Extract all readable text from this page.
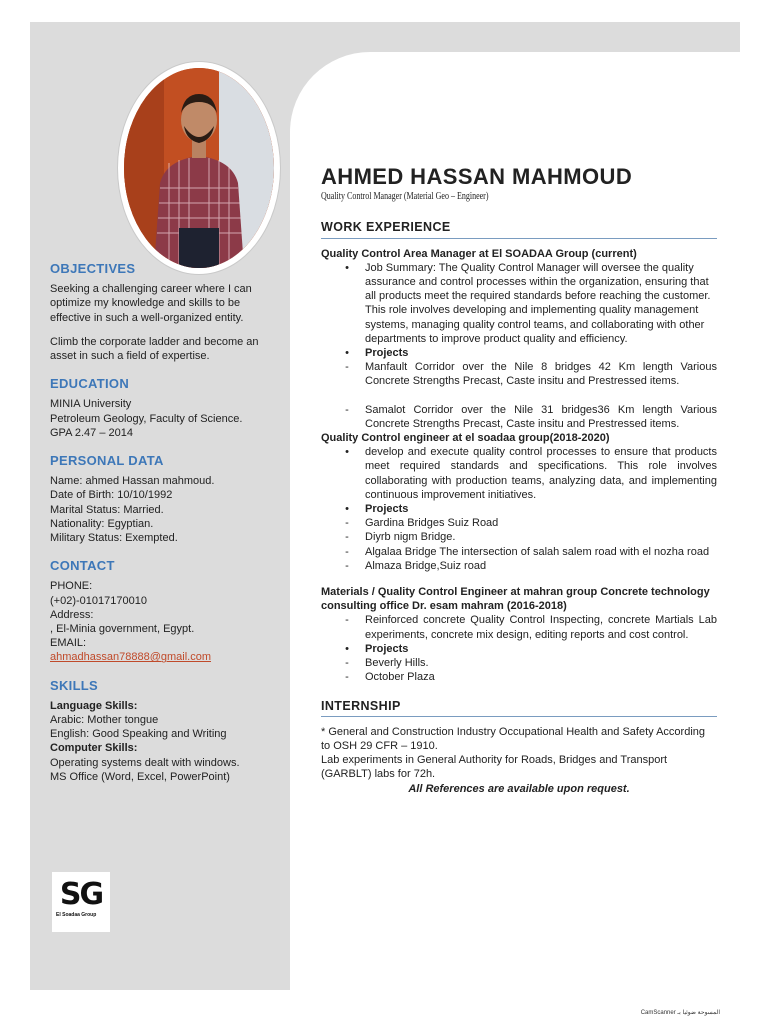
OBJECTIVES

Seeking a challenging career where I can optimize my knowledge and skills to be effective in such a well-organized entity.

Climb the corporate ladder and become an asset in such a field of expertise.

EDUCATION
MINIA University
Petroleum Geology, Faculty of Science.
GPA 2.47 – 2014
PERSONAL DATA
Name: ahmed Hassan mahmoud.
Date of Birth: 10/10/1992
Marital Status: Married.
Nationality: Egyptian.
Military Status: Exempted.
CONTACT
PHONE:
(+02)-01017170010
Address:
, El-Minia government, Egypt.
EMAIL:
ahmadhassan78888@gmail.com
SKILLS
Language Skills:
Arabic: Mother tongue
English: Good Speaking and Writing
Computer Skills:
Operating systems dealt with windows.
MS Office (Word, Excel, PowerPoint)
SG
El Soadaa Group
AHMED HASSAN MAHMOUD
Quality Control Manager (Material Geo – Engineer)
WORK EXPERIENCE

Quality Control Area Manager at El SOADAA Group (current)

•	Job Summary: The Quality Control Manager will oversee the quality assurance and control processes within the organization, ensuring that all products meet the required standards before reaching the customer. This role involves developing and implementing quality management systems, managing quality control teams, and collaborating with other departments to improve product quality and efficiency.
•	Projects
-	Manfault Corridor over the Nile 8 bridges 42 Km length Various Concrete Strengths Precast, Caste insitu and Prestressed items.
-	Samalot Corridor over the Nile 31 bridges36 Km length Various Concrete Strengths Precast, Caste insitu and Prestressed items.

Quality Control engineer at el soadaa group(2018-2020)

•	develop and execute quality control processes to ensure that products meet required standards and specifications. This role involves collaborating with production teams, analyzing data, and implementing continuous improvement initiatives.
•	Projects
-	Gardina Bridges Suiz Road
-	Diyrb nigm Bridge.
-	Algalaa Bridge The intersection of salah salem road with el nozha road
-	Almaza Bridge,Suiz road

Materials / Quality Control Engineer at mahran group Concrete technology consulting office Dr. esam mahram (2016-2018)

-	Reinforced concrete Quality Control Inspecting, concrete Martials Lab experiments, concrete mix design, editing reports and cost control.
•	Projects
-	Beverly Hills.
-	October Plaza
INTERNSHIP
* General and Construction Industry Occupational Health and Safety According to OSH 29 CFR – 1910.
Lab experiments in General Authority for Roads, Bridges and Transport (GARBLT) labs for 72h.
All References are available upon request.
CamScanner المسوحة ضوئيا بـ
